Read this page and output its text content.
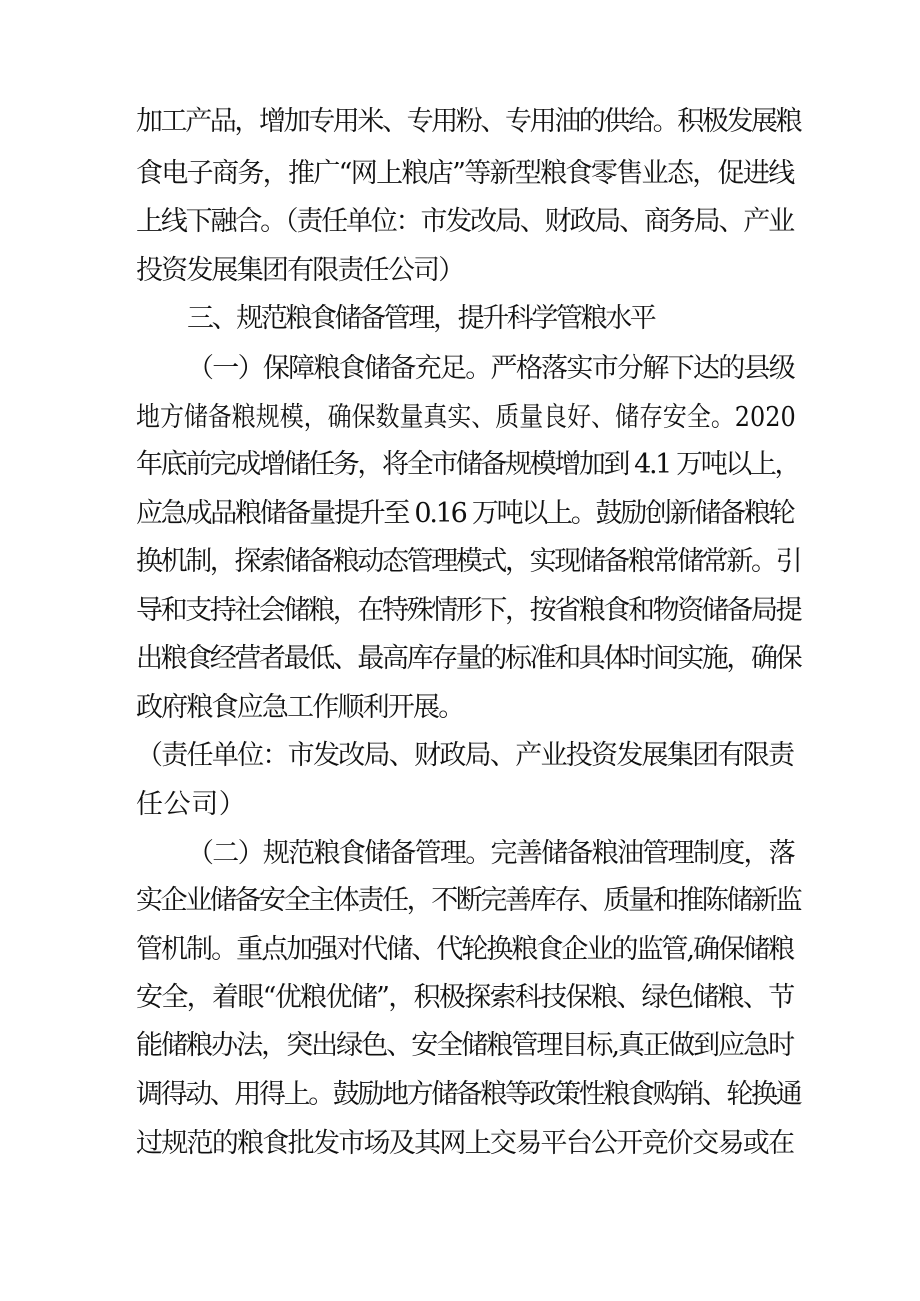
加工产品，增加专用米、专用粉、专用油的供给。积极发展粮
食电子商务，推广“网上粮店”等新型粮食零售业态，促进线
上线下融合。（责任单位：市发改局、财政局、商务局、产业
投资发展集团有限责任公司）
三、规范粮食储备管理，提升科学管粮水平
（一）保障粮食储备充足。严格落实市分解下达的县级
地方储备粮规模，确保数量真实、质量良好、储存安全。2020
年底前完成增储任务，将全市储备规模增加到 4.1 万吨以上，
应急成品粮储备量提升至 0.16 万吨以上。鼓励创新储备粮轮
换机制，探索储备粮动态管理模式，实现储备粮常储常新。引
导和支持社会储粮，在特殊情形下，按省粮食和物资储备局提
出粮食经营者最低、最高库存量的标准和具体时间实施，确保
政府粮食应急工作顺利开展。
（责任单位：市发改局、财政局、产业投资发展集团有限责
任公司）
（二）规范粮食储备管理。完善储备粮油管理制度，落
实企业储备安全主体责任，不断完善库存、质量和推陈储新监
管机制。重点加强对代储、代轮换粮食企业的监管,确保储粮
安全，着眼“优粮优储”，积极探索科技保粮、绿色储粮、节
能储粮办法，突出绿色、安全储粮管理目标,真正做到应急时
调得动、用得上。鼓励地方储备粮等政策性粮食购销、轮换通
过规范的粮食批发市场及其网上交易平台公开竞价交易或在
